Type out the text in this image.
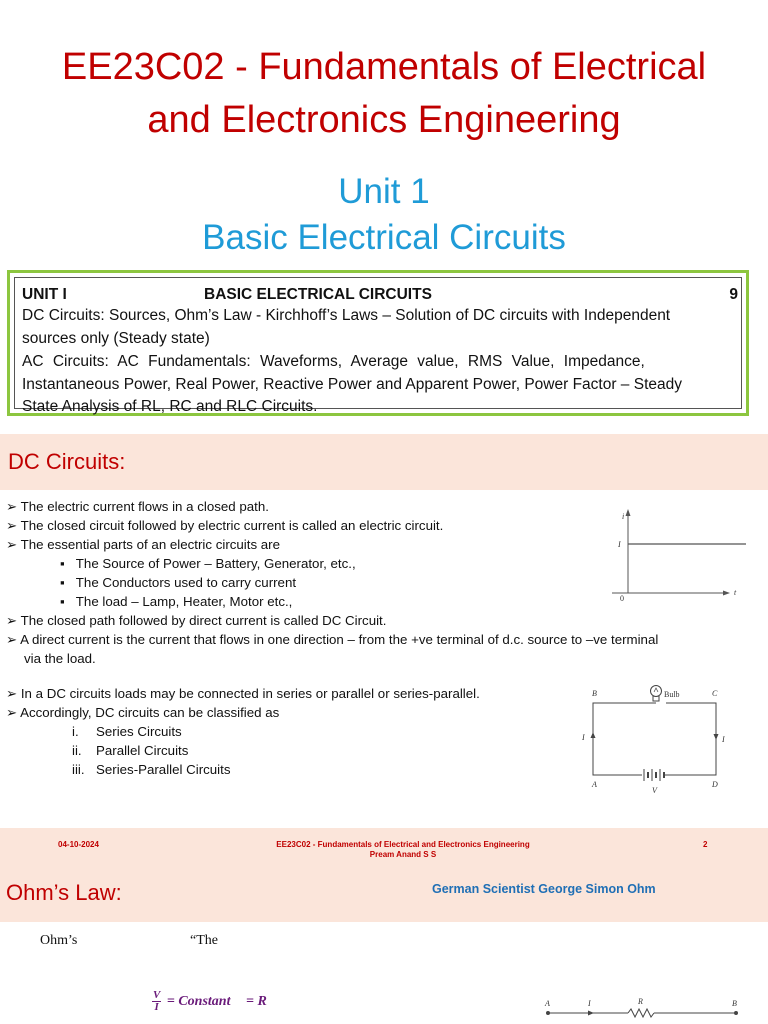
EE23C02 - Fundamentals of Electrical
and Electronics Engineering
Unit 1
Basic Electrical Circuits
UNIT I	BASIC ELECTRICAL CIRCUITS	9
DC Circuits: Sources, Ohm’s Law - Kirchhoff’s Laws – Solution of DC circuits with Independent
sources only (Steady state)
AC Circuits: AC Fundamentals: Waveforms, Average value, RMS Value, Impedance,
Instantaneous Power, Real Power, Reactive Power and Apparent Power, Power Factor – Steady
State Analysis of RL, RC and RLC Circuits.
DC Circuits:
➢ The electric current flows in a closed path.
➢ The closed circuit followed by electric current is called an electric circuit.
➢ The essential parts of an electric circuits are
▪   The Source of Power – Battery, Generator, etc.,
▪   The Conductors used to carry current
▪   The load – Lamp, Heater, Motor etc.,
➢ The closed path followed by direct current is called DC Circuit.
➢ A direct current is the current that flows in one direction – from the +ve terminal of d.c. source to –ve terminal
via the load.
➢ In a DC circuits loads may be connected in series or parallel or series-parallel.
➢ Accordingly, DC circuits can be classified as
i. Series Circuits
ii. Parallel Circuits
iii. Series-Parallel Circuits
i
t
I
0
B	C
A	D
Bulb
I	I
V
04-10-2024	EE23C02 - Fundamentals of Electrical and Electronics Engineering
Pream Anand S S
2
Ohm’s Law:	German Scientist George Simon Ohm
Ohm’s	“The
$\frac{V}{I}$ = Constant = R	A	I	R	B
